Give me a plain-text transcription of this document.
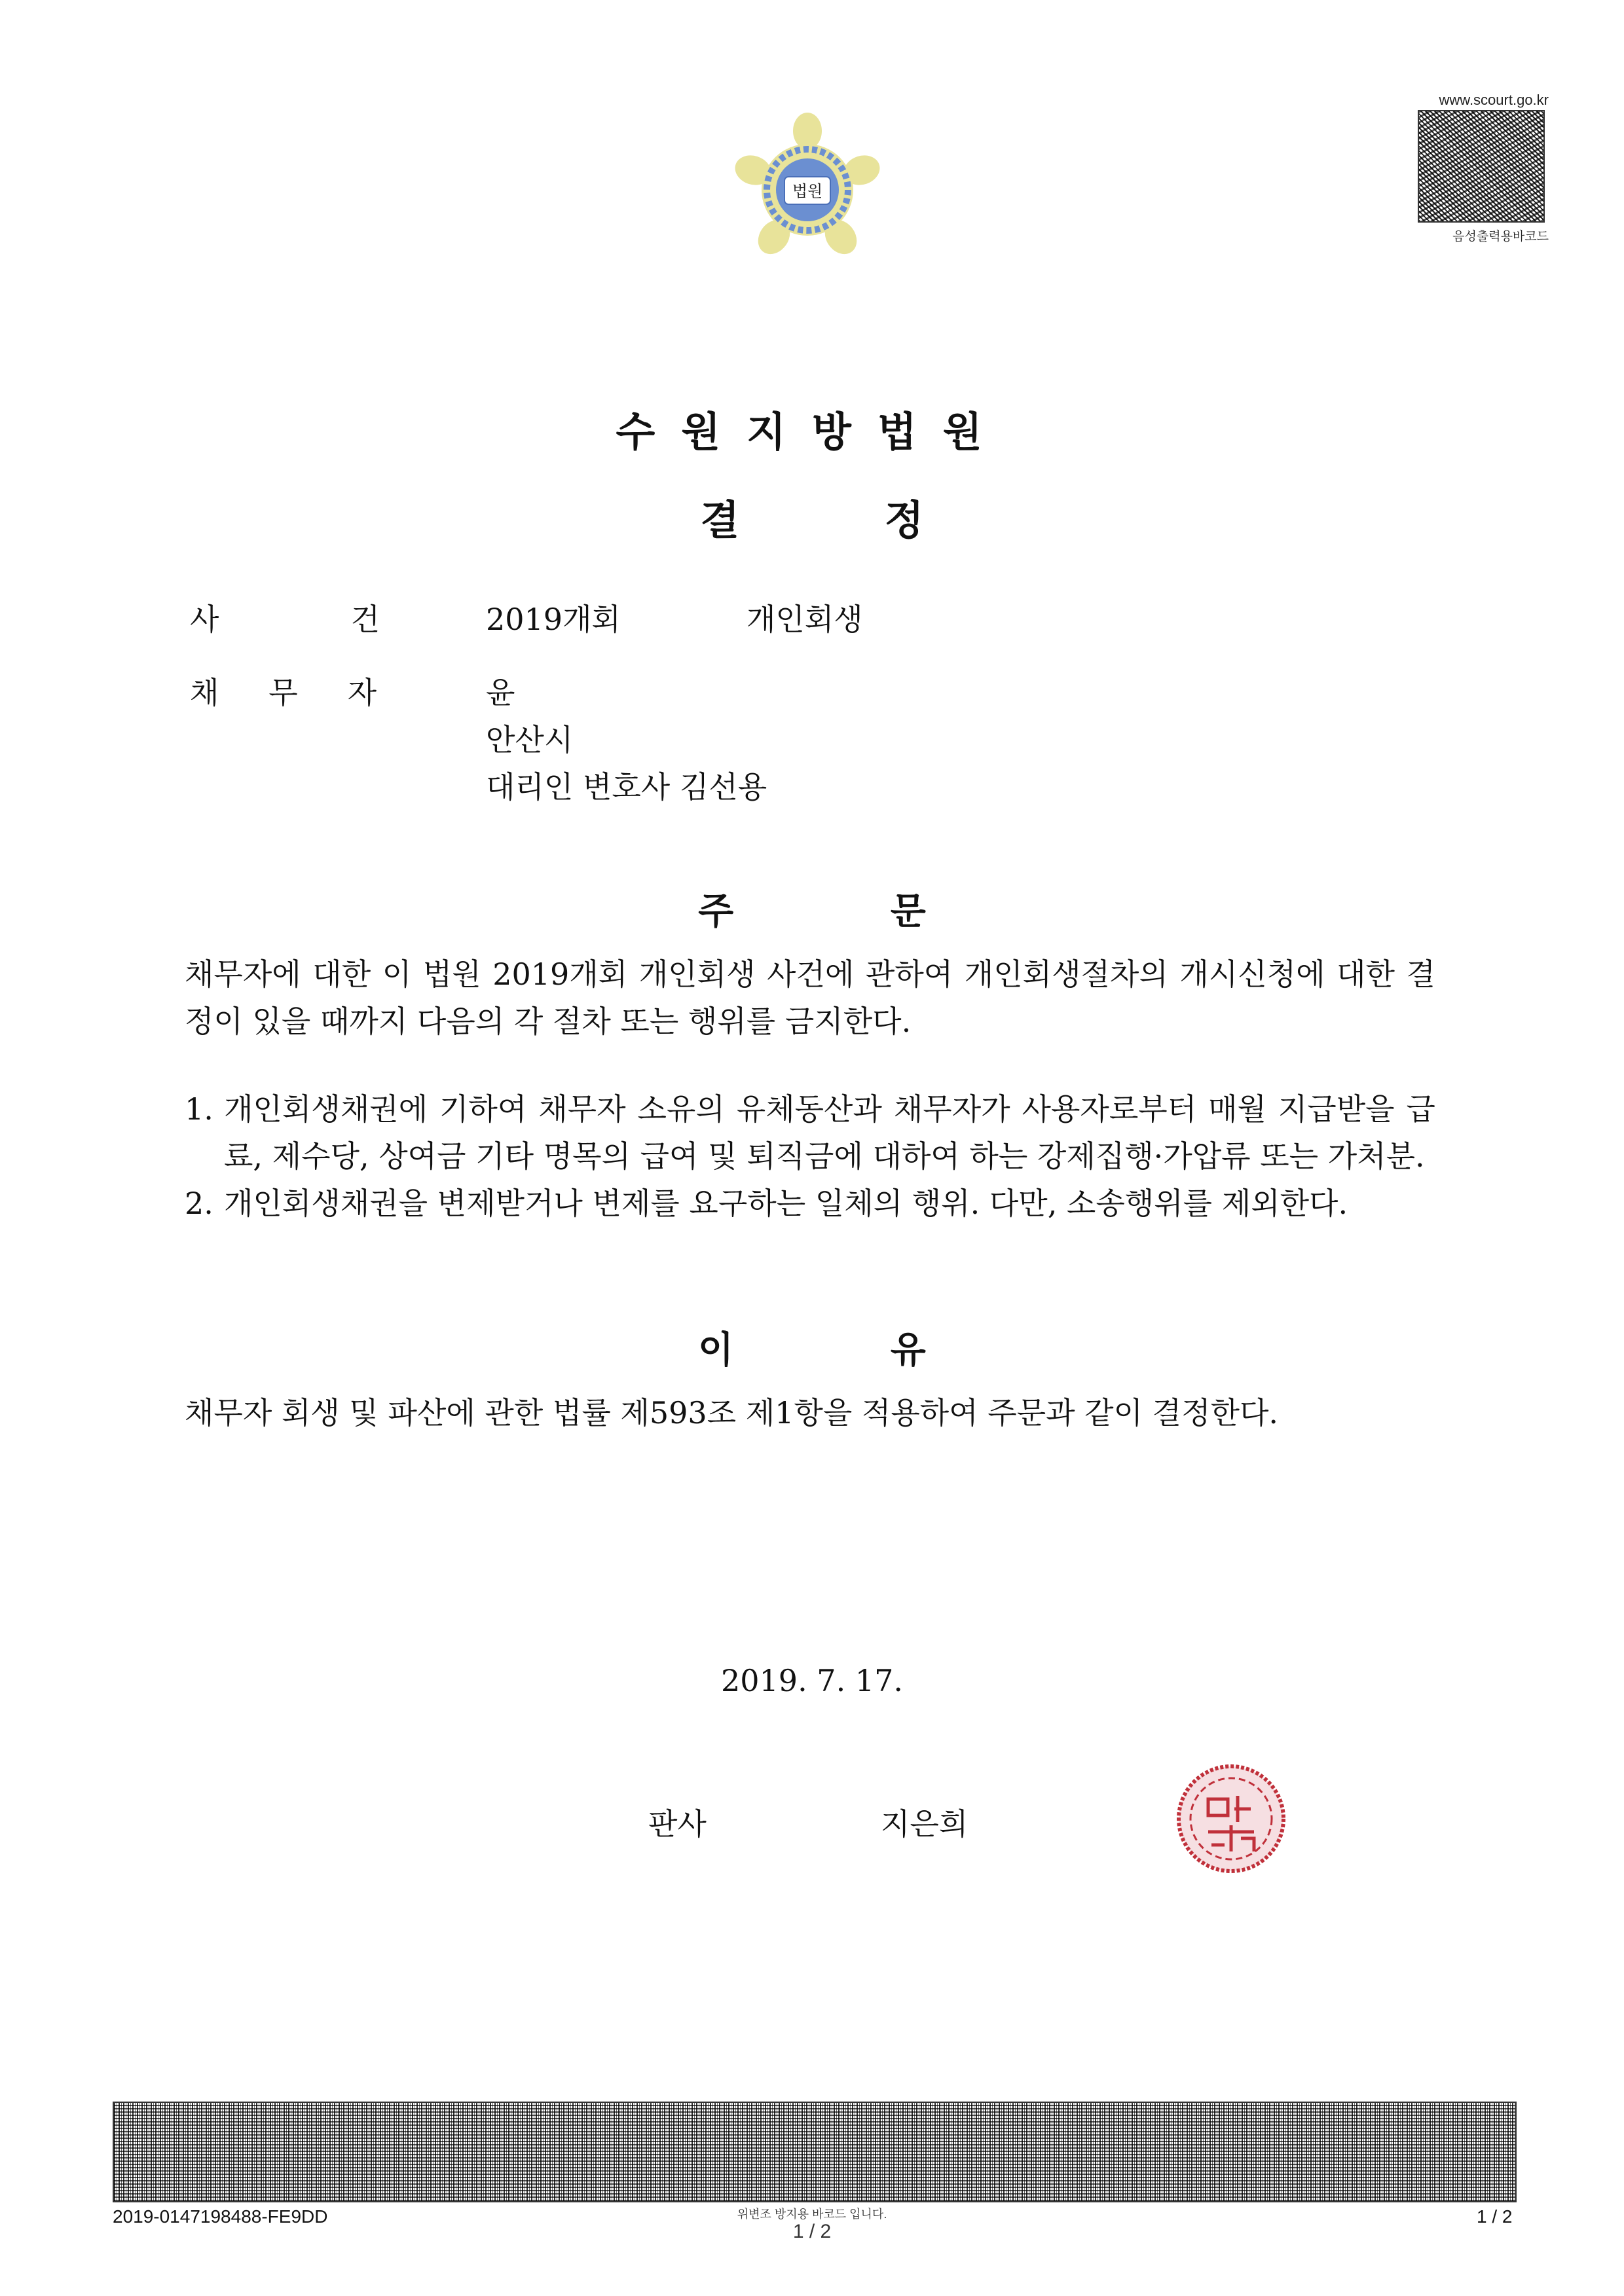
법원
www.scourt.go.kr
음성출력용바코드
수원지방법원
결 정
사	건	2019개회	개인회생
채 무 자	윤
안산시
대리인 변호사 김선용
주 문
채무자에 대한 이 법원 2019개회 개인회생 사건에 관하여 개인회생절차의 개시신청에 대한 결정이 있을 때까지 다음의 각 절차 또는 행위를 금지한다.
1. 개인회생채권에 기하여 채무자 소유의 유체동산과 채무자가 사용자로부터 매월 지급받을 급료, 제수당, 상여금 기타 명목의 급여 및 퇴직금에 대하여 하는 강제집행·가압류 또는 가처분.
2. 개인회생채권을 변제받거나 변제를 요구하는 일체의 행위. 다만, 소송행위를 제외한다.
이 유
채무자 회생 및 파산에 관한 법률 제593조 제1항을 적용하여 주문과 같이 결정한다.
2019. 7. 17.
판사	지은희
2019-0147198488-FE9DD	위변조 방지용 바코드 입니다.
1 / 2
1 / 2
